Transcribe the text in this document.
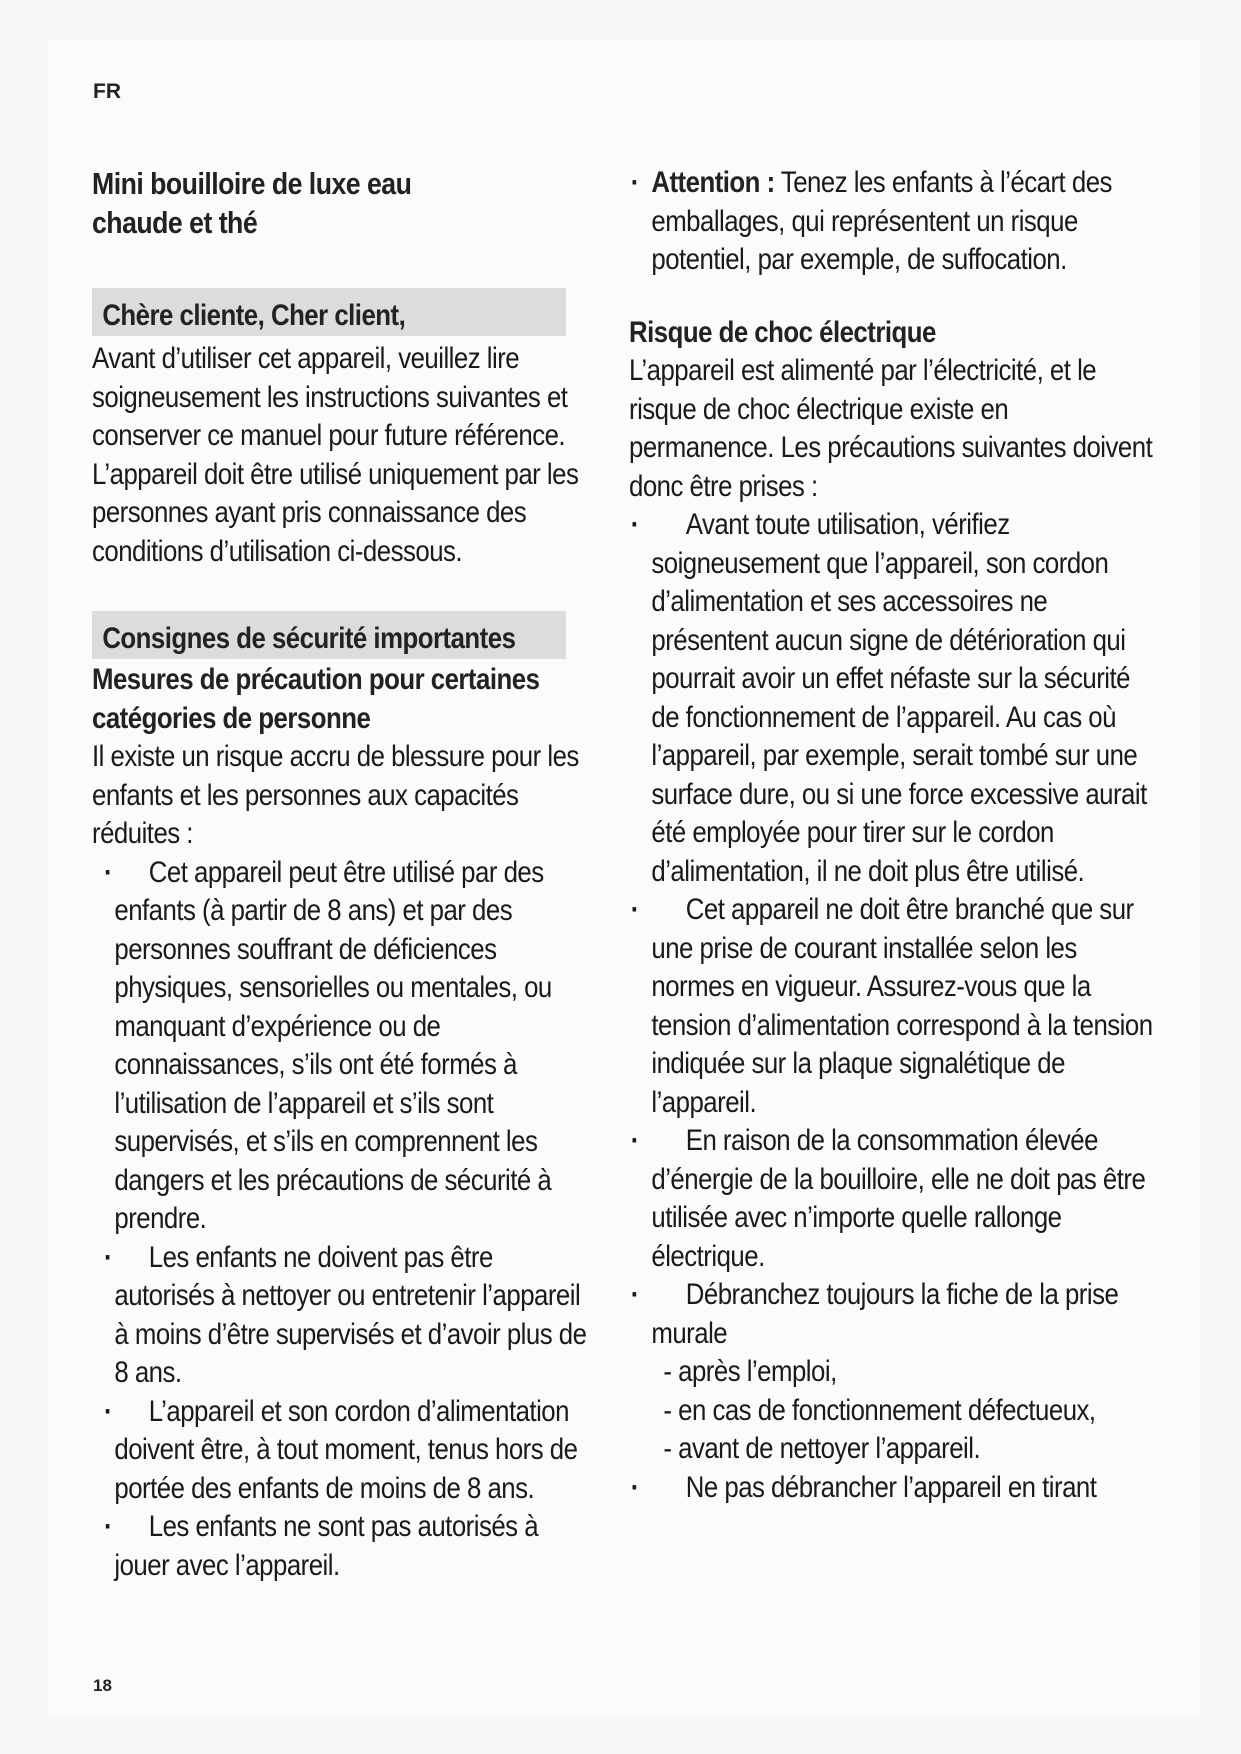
FR
Mini bouilloire de luxe eau
chaude et thé
Chère cliente, Cher client,

Avant d’utiliser cet appareil, veuillez lire soigneusement les instructions suivantes et conserver ce manuel pour future référence. L’appareil doit être utilisé uniquement par les personnes ayant pris connaissance des conditions d’utilisation ci-dessous.

Consignes de sécurité importantes

Mesures de précaution pour certaines catégories de personne

Il existe un risque accru de blessure pour les enfants et les personnes aux capacités réduites :

·	Cet appareil peut être utilisé par des enfants (à partir de 8 ans) et par des personnes souffrant de déficiences physiques, sensorielles ou mentales, ou manquant d’expérience ou de connaissances, s’ils ont été formés à l’utilisation de l’appareil et s’ils sont supervisés, et s’ils en comprennent les dangers et les précautions de sécurité à prendre.
·	Les enfants ne doivent pas être autorisés à nettoyer ou entretenir l’appareil à moins d’être supervisés et d’avoir plus de 8 ans.
·	L’appareil et son cordon d’alimentation doivent être, à tout moment, tenus hors de portée des enfants de moins de 8 ans.
·	Les enfants ne sont pas autorisés à jouer avec l’appareil.
· Attention : Tenez les enfants à l’écart des emballages, qui représentent un risque potentiel, par exemple, de suffocation.

Risque de choc électrique

L’appareil est alimenté par l’électricité, et le risque de choc électrique existe en permanence. Les précautions suivantes doivent donc être prises :

·	Avant toute utilisation, vérifiez soigneusement que l’appareil, son cordon d’alimentation et ses accessoires ne présentent aucun signe de détérioration qui pourrait avoir un effet néfaste sur la sécurité de fonctionnement de l’appareil. Au cas où l’appareil, par exemple, serait tombé sur une surface dure, ou si une force excessive aurait été employée pour tirer sur le cordon d’alimentation, il ne doit plus être utilisé.
·	Cet appareil ne doit être branché que sur une prise de courant installée selon les normes en vigueur. Assurez-vous que la tension d’alimentation correspond à la tension indiquée sur la plaque signalétique de l’appareil.
·	En raison de la consommation élevée d’énergie de la bouilloire, elle ne doit pas être utilisée avec n’importe quelle rallonge électrique.
·	Débranchez toujours la fiche de la prise murale
- après l’emploi,
- en cas de fonctionnement défectueux,
- avant de nettoyer l’appareil.
·	Ne pas débrancher l’appareil en tirant
18
